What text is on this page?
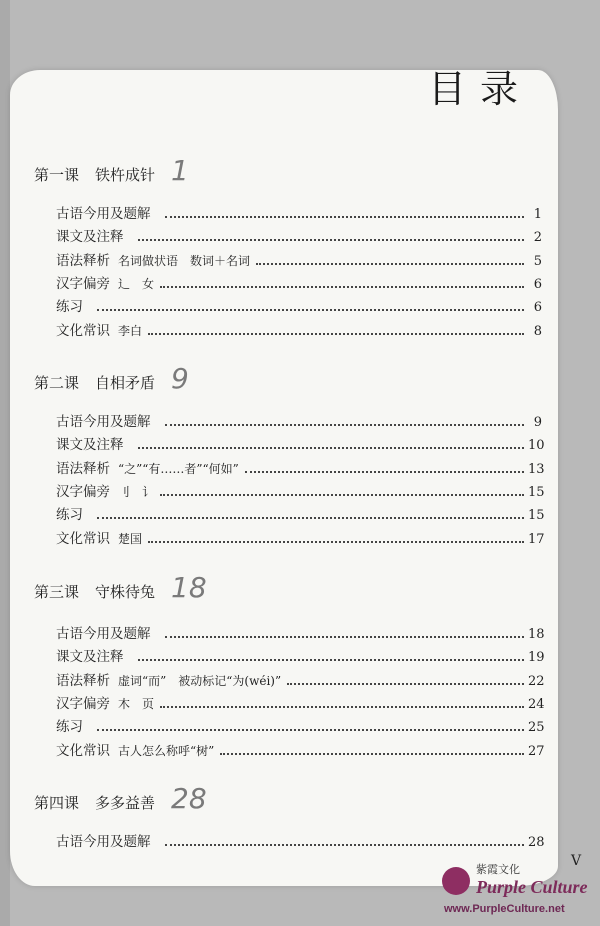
目录
第一课 铁杵成针 1
古语今用及题解	1
课文及注释	2
语法释析 名词做状语　数词＋名词	5
汉字偏旁 辶　女	6
练习	6
文化常识 李白	8
第二课 自相矛盾 9
古语今用及题解	9
课文及注释	10
语法释析 “之”“有……者”“何如”	13
汉字偏旁 刂　讠	15
练习	15
文化常识 楚国	17
第三课 守株待兔 18
古语今用及题解	18
课文及注释	19
语法释析 虚词“而”　被动标记“为(wéi)”	22
汉字偏旁 木　页	24
练习	25
文化常识 古人怎么称呼“树”	27
第四课 多多益善 28
古语今用及题解	28
V
紫霞文化
Purple Culture
www.PurpleCulture.net
